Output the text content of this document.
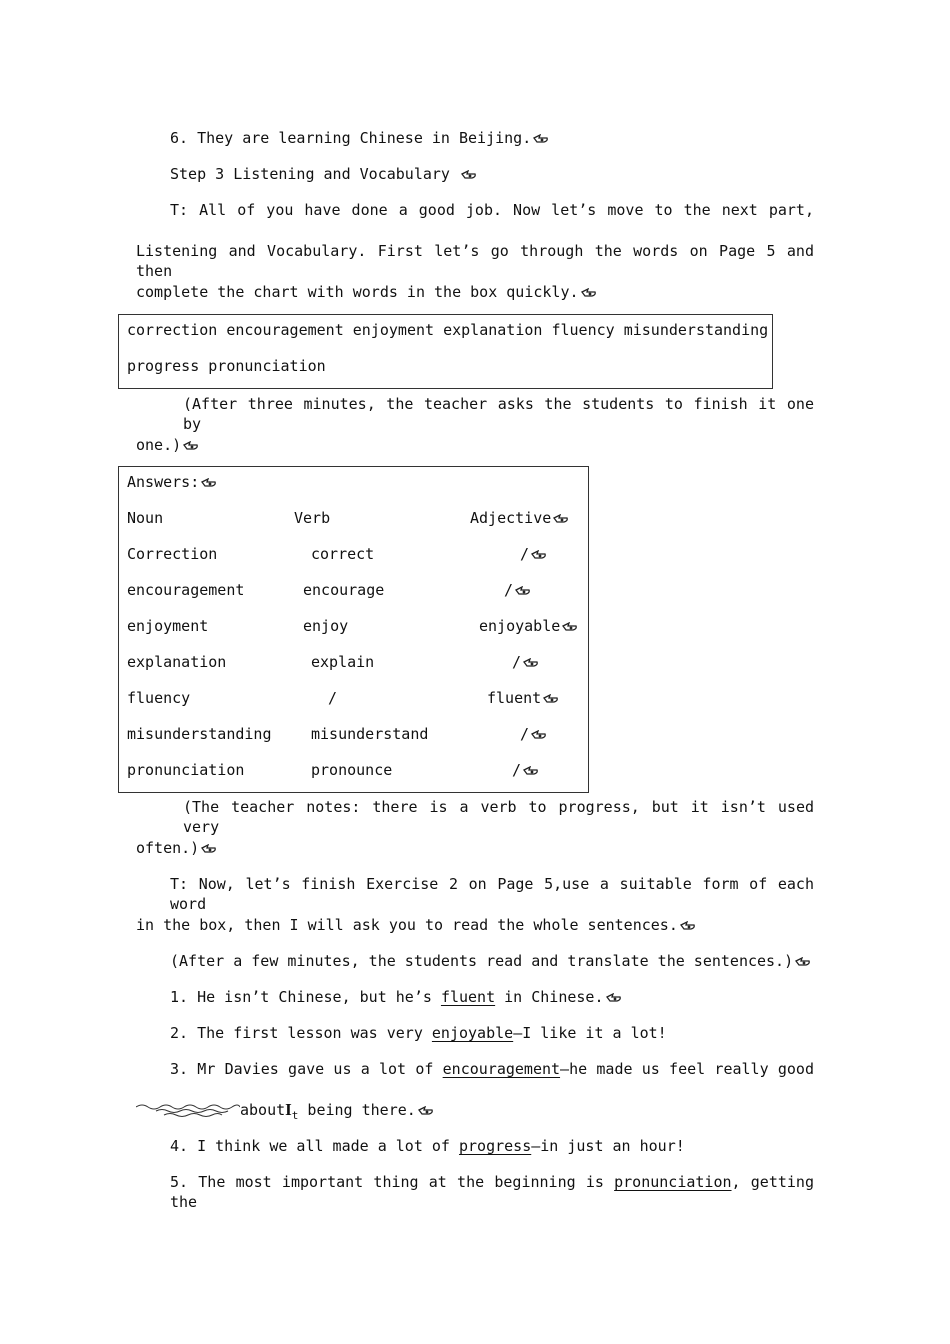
6. They are learning Chinese in Beijing.
Step 3 Listening and Vocabulary
T: All of you have done a good job. Now let’s move to the next part,
Listening and Vocabulary. First let’s go through the words on Page 5 and then
complete the chart with words in the box quickly.
correction encouragement enjoyment explanation fluency misunderstanding
progress pronunciation
(After three minutes, the teacher asks the students to finish it one by
one.)
Answers:
Noun	Verb	Adjective
Correction	correct	/
encouragement	encourage	/
enjoyment	enjoy	enjoyable
explanation	explain	/
fluency	/	fluent
misunderstanding	misunderstand	/
pronunciation	pronounce	/
(The teacher notes: there is a verb to progress, but it isn’t used very
often.)
T: Now, let’s finish Exercise 2 on Page 5,use a suitable form of each word
in the box, then I will ask you to read the whole sentences.
(After a few minutes, the students read and translate the sentences.)
1. He isn’t Chinese, but he’s fluent in Chinese.
2. The first lesson was very enjoyable—I like it a lot!
3. Mr Davies gave us a lot of encouragement—he made us feel really good
aboutI$_t$ being there.
4. I think we all made a lot of progress—in just an hour!
5. The most important thing at the beginning is pronunciation, getting the
